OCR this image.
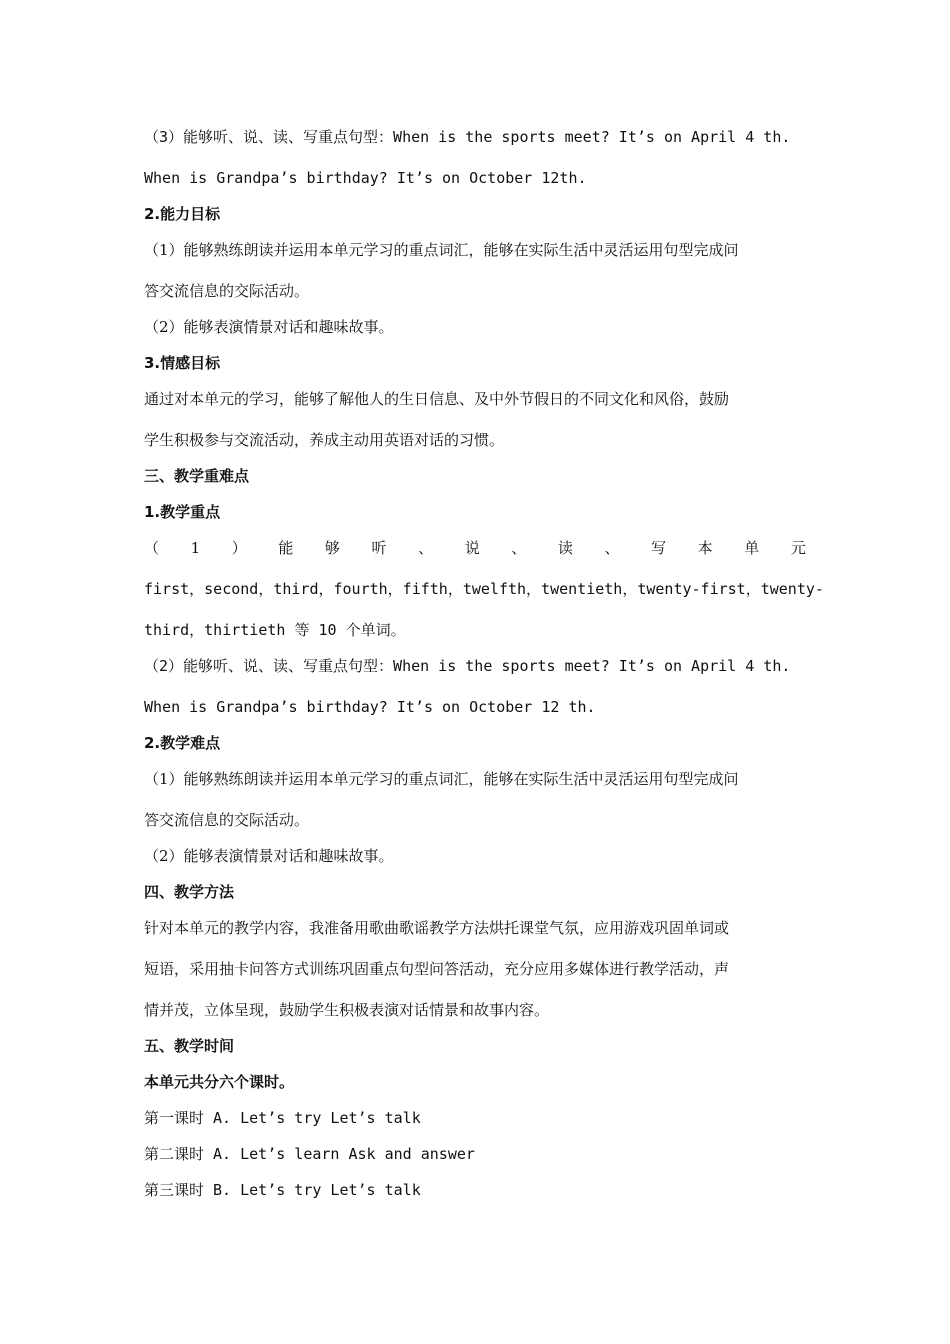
（3）能够听、说、读、写重点句型：When is the sports meet? It’s on April 4 th.
When is Grandpa’s birthday? It’s on October 12th.
2.能力目标
（1）能够熟练朗读并运用本单元学习的重点词汇，能够在实际生活中灵活运用句型完成问
答交流信息的交际活动。
（2）能够表演情景对话和趣味故事。
3.情感目标
通过对本单元的学习，能够了解他人的生日信息、及中外节假日的不同文化和风俗，鼓励
学生积极参与交流活动，养成主动用英语对话的习惯。
三、教学重难点
1.教学重点
（ 1 ） 能 够 听 、 说 、 读 、 写 本 单 元
first，second，third，fourth，fifth，twelfth，twentieth，twenty-first，twenty-
third，thirtieth 等 10 个单词。
（2）能够听、说、读、写重点句型：When is the sports meet? It’s on April 4 th.
When is Grandpa’s birthday? It’s on October 12 th.
2.教学难点
（1）能够熟练朗读并运用本单元学习的重点词汇，能够在实际生活中灵活运用句型完成问
答交流信息的交际活动。
（2）能够表演情景对话和趣味故事。
四、教学方法
针对本单元的教学内容，我准备用歌曲歌谣教学方法烘托课堂气氛，应用游戏巩固单词或
短语，采用抽卡问答方式训练巩固重点句型问答活动，充分应用多媒体进行教学活动，声
情并茂，立体呈现，鼓励学生积极表演对话情景和故事内容。
五、教学时间
本单元共分六个课时。
第一课时 A. Let’s try Let’s talk
第二课时 A. Let’s learn Ask and answer
第三课时 B. Let’s try Let’s talk
